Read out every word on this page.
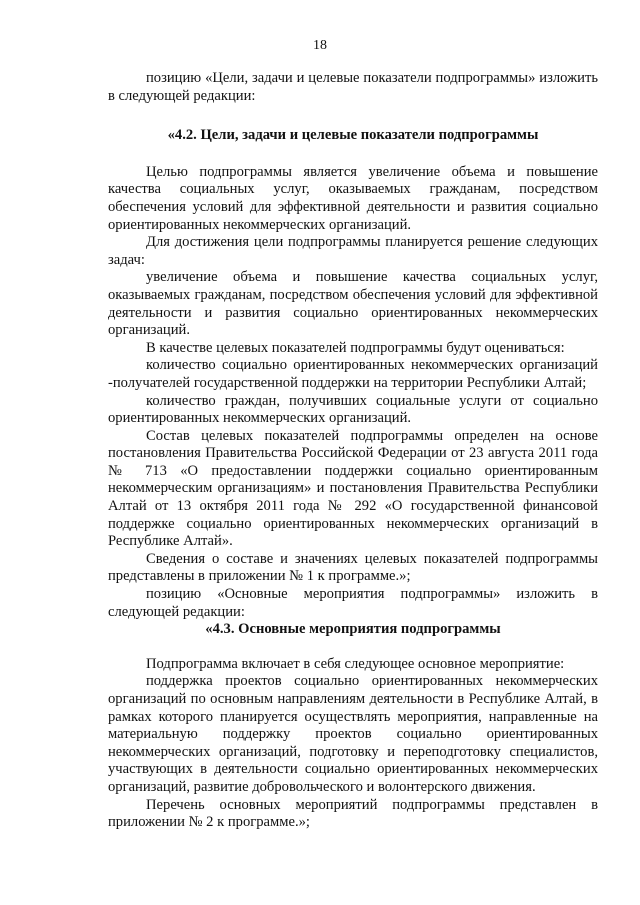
18

позицию «Цели, задачи и целевые показатели подпрограммы» изложить в следующей редакции:

«4.2. Цели, задачи и целевые показатели подпрограммы

Целью подпрограммы является увеличение объема и повышение качества социальных услуг, оказываемых гражданам, посредством обеспечения условий для эффективной деятельности и развития социально ориентированных некоммерческих организаций.

Для достижения цели подпрограммы планируется решение следующих задач:

увеличение объема и повышение качества социальных услуг, оказываемых гражданам, посредством обеспечения условий для эффективной деятельности и развития социально ориентированных некоммерческих организаций.

В качестве целевых показателей подпрограммы будут оцениваться:

количество социально ориентированных некоммерческих организаций -получателей государственной поддержки на территории Республики Алтай;

количество граждан, получивших социальные услуги от социально ориентированных некоммерческих организаций.

Состав целевых показателей подпрограммы определен на основе постановления Правительства Российской Федерации от 23 августа 2011 года № 713 «О предоставлении поддержки социально ориентированным некоммерческим организациям» и постановления Правительства Республики Алтай от 13 октября 2011 года № 292 «О государственной финансовой поддержке социально ориентированных некоммерческих организаций в Республике Алтай».

Сведения о составе и значениях целевых показателей подпрограммы представлены в приложении № 1 к программе.»;

позицию «Основные мероприятия подпрограммы» изложить в следующей редакции:

«4.3. Основные мероприятия подпрограммы

Подпрограмма включает в себя следующее основное мероприятие:

поддержка проектов социально ориентированных некоммерческих организаций по основным направлениям деятельности в Республике Алтай, в рамках которого планируется осуществлять мероприятия, направленные на материальную поддержку проектов социально ориентированных некоммерческих организаций, подготовку и переподготовку специалистов, участвующих в деятельности социально ориентированных некоммерческих организаций, развитие добровольческого и волонтерского движения.

Перечень основных мероприятий подпрограммы представлен в приложении № 2 к программе.»;
